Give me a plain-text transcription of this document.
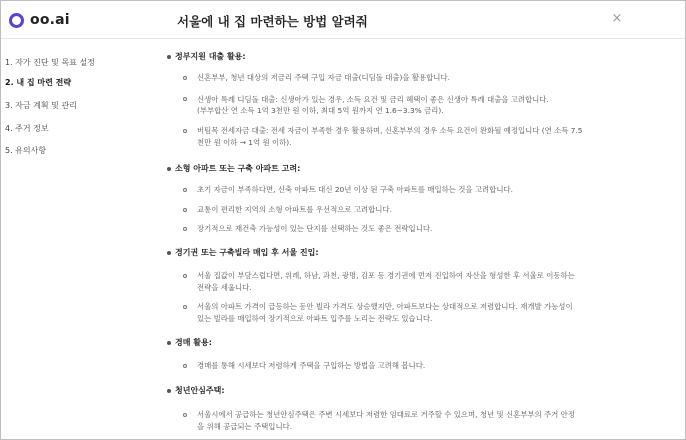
oo.ai	서울에 내 집 마련하는 방법 알려줘	×
1. 자가 진단 및 목표 설정
2. 내 집 마련 전략
3. 자금 계획 및 관리
4. 주거 정보
5. 유의사항
정부지원 대출 활용:
신혼부부, 청년 대상의 저금리 주택 구입 자금 대출(디딤돌 대출)을 활용합니다.
신생아 특례 디딤돌 대출: 신생아가 있는 경우, 소득 요건 및 금리 혜택이 좋은 신생아 특례 대출을 고려합니다.
(부부합산 연 소득 1억 3천만 원 이하, 최대 5억 원까지 연 1.6~3.3% 금리).
버팀목 전세자금 대출: 전세 자금이 부족한 경우 활용하며, 신혼부부의 경우 소득 요건이 완화될 예정입니다 (연 소득 7.5
천만 원 이하 → 1억 원 이하).
소형 아파트 또는 구축 아파트 고려:
초기 자금이 부족하다면, 신축 아파트 대신 20년 이상 된 구축 아파트를 매입하는 것을 고려합니다.
교통이 편리한 지역의 소형 아파트를 우선적으로 고려합니다.
장기적으로 재건축 가능성이 있는 단지를 선택하는 것도 좋은 전략입니다.
경기권 또는 구축빌라 매입 후 서울 진입:
서울 집값이 부담스럽다면, 위례, 하남, 과천, 광명, 김포 등 경기권에 먼저 진입하여 자산을 형성한 후 서울로 이동하는
전략을 세웁니다.
서울의 아파트 가격이 급등하는 동안 빌라 가격도 상승했지만, 아파트보다는 상대적으로 저렴합니다. 재개발 가능성이
있는 빌라를 매입하여 장기적으로 아파트 입주를 노리는 전략도 있습니다.
경매 활용:
경매를 통해 시세보다 저렴하게 주택을 구입하는 방법을 고려해 봅니다.
청년안심주택:
서울시에서 공급하는 청년안심주택은 주변 시세보다 저렴한 임대료로 거주할 수 있으며, 청년 및 신혼부부의 주거 안정
을 위해 공급되는 주택입니다.
